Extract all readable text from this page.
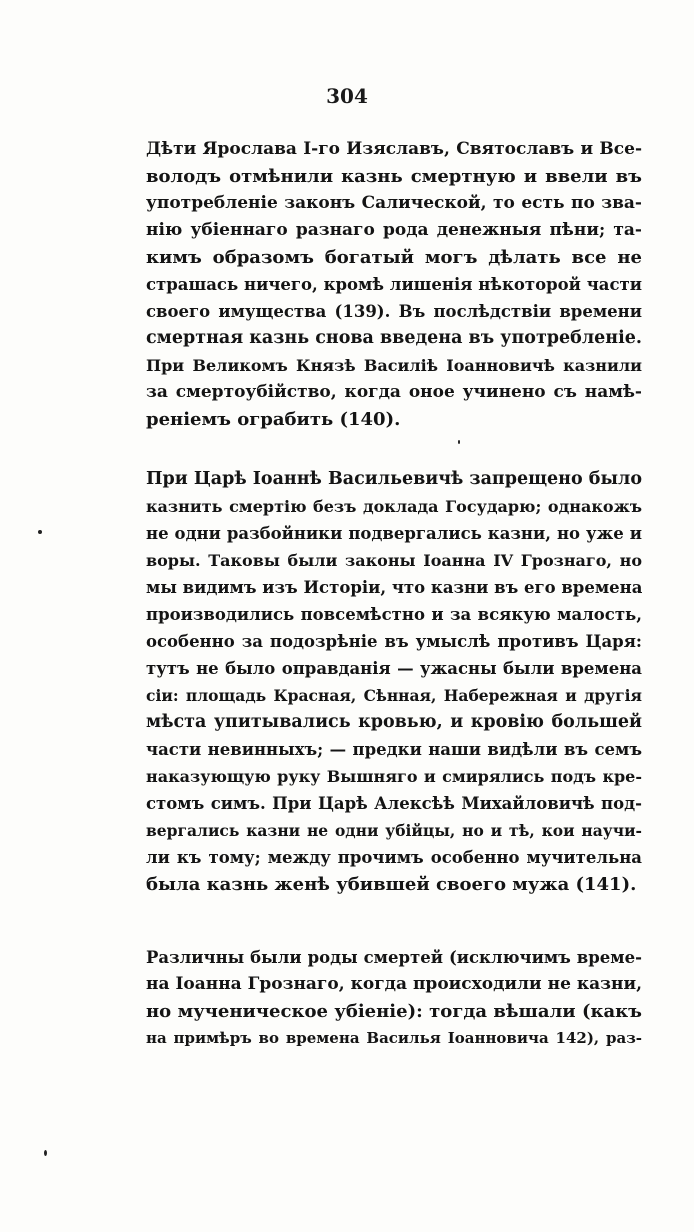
304
Дѣти Ярослава I-го Изяславъ, Святославъ и Все-
володъ отмѣнили казнь смертную и ввели въ
употребленіе законъ Салической, то есть по зва-
нію убіеннаго разнаго рода денежныя пѣни; та-
кимъ образомъ богатый могъ дѣлать все не
страшась ничего, кромѣ лишенія нѣкоторой части
своего имущества (139). Въ послѣдствіи времени
смертная казнь снова введена въ употребленіе.
При Великомъ Князѣ Василіѣ Іоанновичѣ казнили
за смертоубійство, когда оное учинено съ намѣ-
реніемъ ограбить (140).
При Царѣ Іоаннѣ Васильевичѣ запрещено было
казнить смертію безъ доклада Государю; однакожъ
не одни разбойники подвергались казни, но уже и
воры. Таковы были законы Іоанна IV Грознаго, но
мы видимъ изъ Исторіи, что казни въ его времена
производились повсемѣстно и за всякую малость,
особенно за подозрѣніе въ умыслѣ противъ Царя:
тутъ не было оправданія — ужасны были времена
сіи: площадь Красная, Сѣнная, Набережная и другія
мѣста упитывались кровью, и кровію большей
части невинныхъ; — предки наши видѣли въ семъ
наказующую руку Вышняго и смирялись подъ кре-
стомъ симъ. При Царѣ Алексѣѣ Михайловичѣ под-
вергались казни не одни убійцы, но и тѣ, кои научи-
ли къ тому; между прочимъ особенно мучительна
была казнь женѣ убившей своего мужа (141).
Различны были роды смертей (исключимъ време-
на Іоанна Грознаго, когда происходили не казни,
но мученическое убіеніе): тогда вѣшали (какъ
на примѣръ во времена Василья Іоанновича 142), раз-
